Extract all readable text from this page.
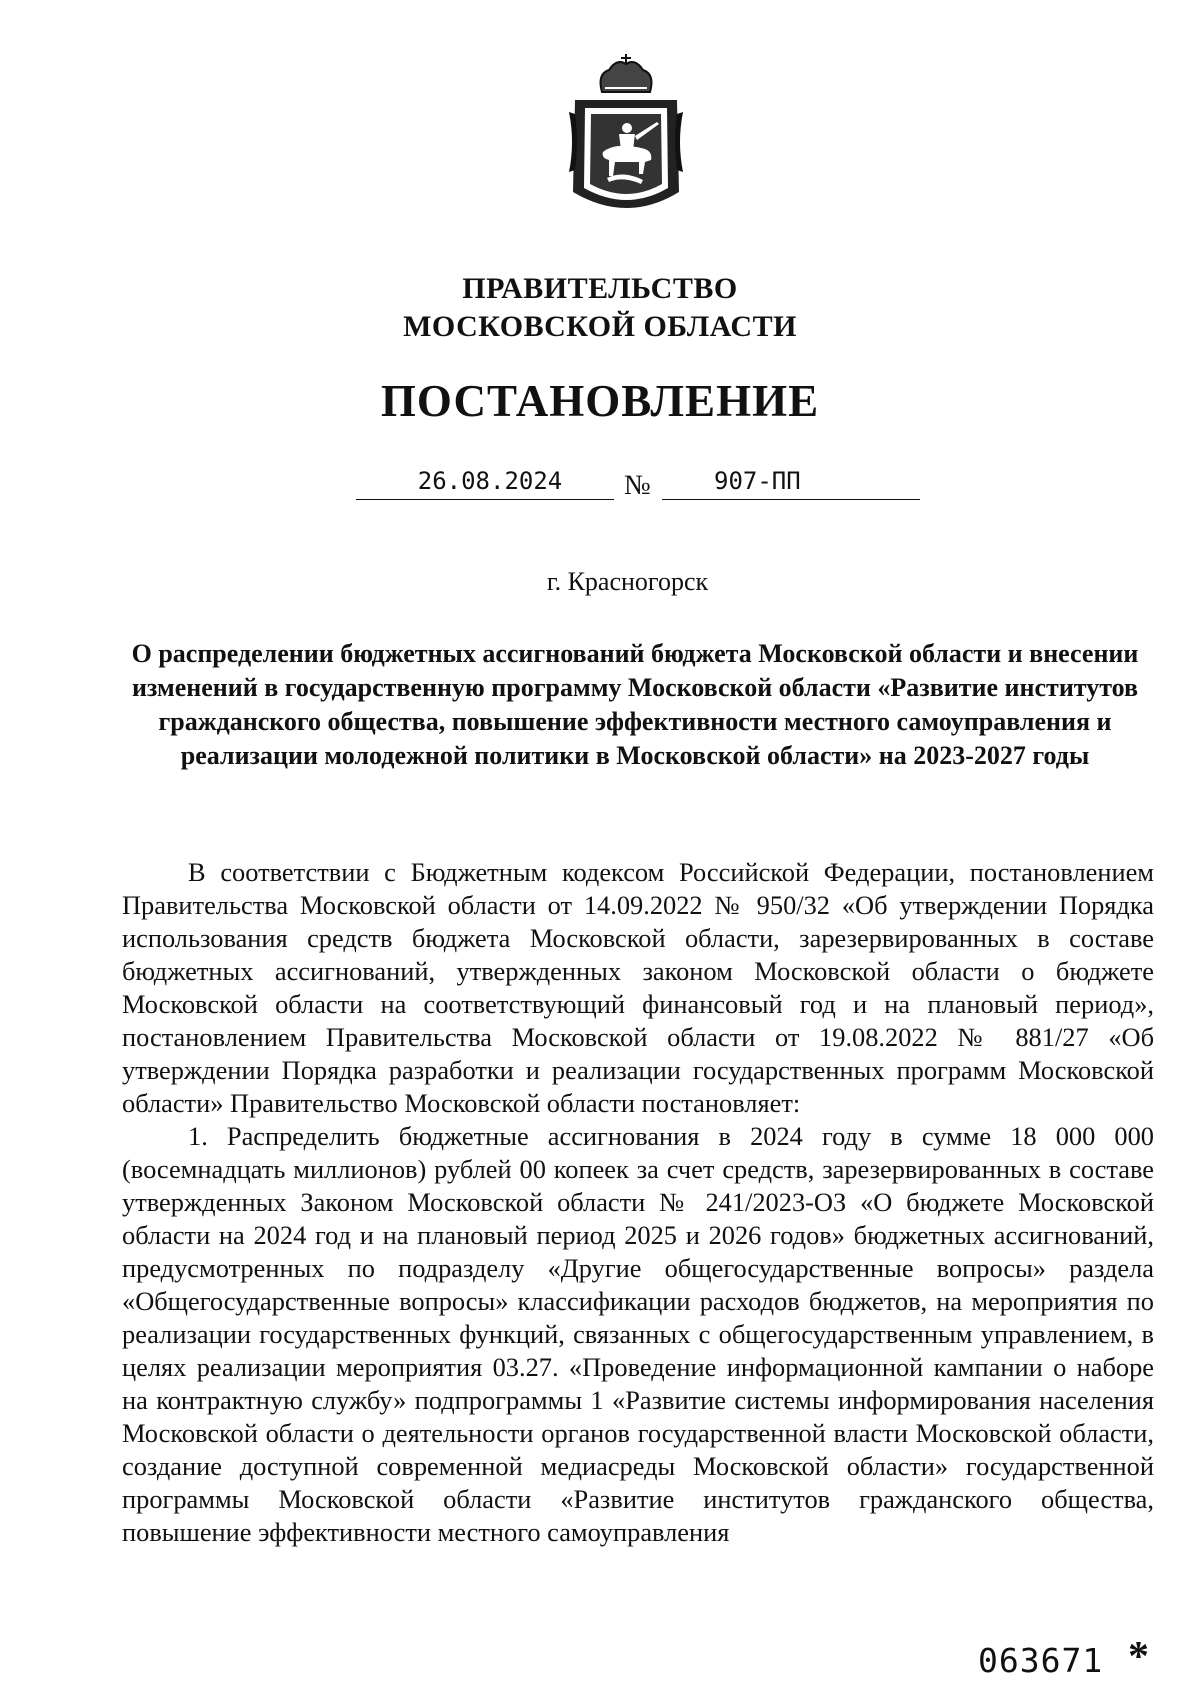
ПРАВИТЕЛЬСТВО
МОСКОВСКОЙ ОБЛАСТИ
ПОСТАНОВЛЕНИЕ
26.08.2024	№	907-ПП
г. Красногорск
О распределении бюджетных ассигнований бюджета Московской области и внесении изменений в государственную программу Московской области «Развитие институтов гражданского общества, повышение эффективности местного самоуправления и реализации молодежной политики в Московской области» на 2023-2027 годы

В соответствии с Бюджетным кодексом Российской Федерации, постановлением Правительства Московской области от 14.09.2022 № 950/32 «Об утверждении Порядка использования средств бюджета Московской области, зарезервированных в составе бюджетных ассигнований, утвержденных законом Московской области о бюджете Московской области на соответствующий финансовый год и на плановый период», постановлением Правительства Московской области от 19.08.2022 № 881/27 «Об утверждении Порядка разработки и реализации государственных программ Московской области» Правительство Московской области постановляет:

1. Распределить бюджетные ассигнования в 2024 году в сумме 18 000 000 (восемнадцать миллионов) рублей 00 копеек за счет средств, зарезервированных в составе утвержденных Законом Московской области № 241/2023-ОЗ «О бюджете Московской области на 2024 год и на плановый период 2025 и 2026 годов» бюджетных ассигнований, предусмотренных по подразделу «Другие общегосударственные вопросы» раздела «Общегосударственные вопросы» классификации расходов бюджетов, на мероприятия по реализации государственных функций, связанных с общегосударственным управлением, в целях реализации мероприятия 03.27. «Проведение информационной кампании о наборе на контрактную службу» подпрограммы 1 «Развитие системы информирования населения Московской области о деятельности органов государственной власти Московской области, создание доступной современной медиасреды Московской области» государственной программы Московской области «Развитие институтов гражданского общества, повышение эффективности местного самоуправления

063671 *
